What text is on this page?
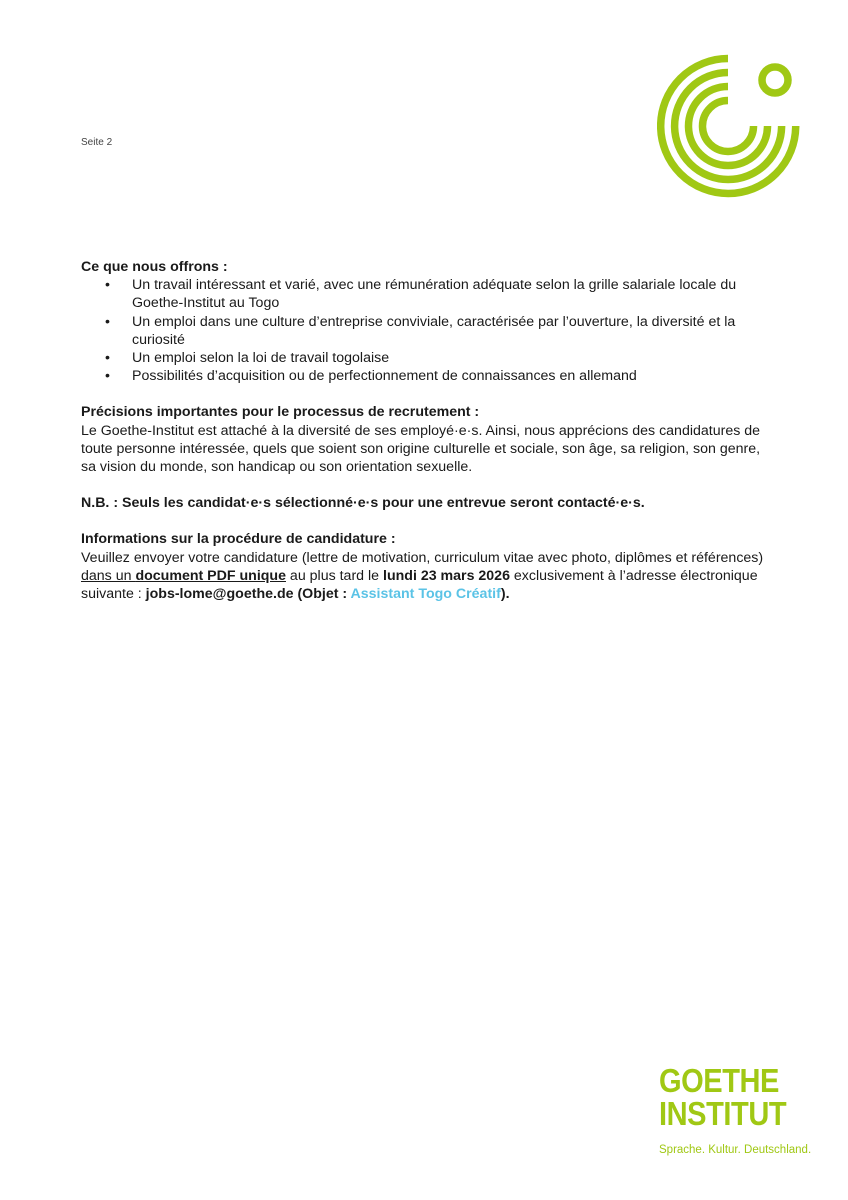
Seite 2
Ce que nous offrons :
• Un travail intéressant et varié, avec une rémunération adéquate selon la grille salariale locale du Goethe-Institut au Togo
• Un emploi dans une culture d’entreprise conviviale, caractérisée par l’ouverture, la diversité et la curiosité
• Un emploi selon la loi de travail togolaise
• Possibilités d’acquisition ou de perfectionnement de connaissances en allemand
Précisions importantes pour le processus de recrutement :
Le Goethe-Institut est attaché à la diversité de ses employé·e·s. Ainsi, nous apprécions des candidatures de toute personne intéressée, quels que soient son origine culturelle et sociale, son âge, sa religion, son genre, sa vision du monde, son handicap ou son orientation sexuelle.
N.B. : Seuls les candidat·e·s sélectionné·e·s pour une entrevue seront contacté·e·s.
Informations sur la procédure de candidature :
Veuillez envoyer votre candidature (lettre de motivation, curriculum vitae avec photo, diplômes et références) dans un document PDF unique au plus tard le lundi 23 mars 2026 exclusivement à l’adresse électronique suivante : jobs-lome@goethe.de (Objet : Assistant Togo Créatif).
GOETHE
INSTITUT
Sprache. Kultur. Deutschland.
